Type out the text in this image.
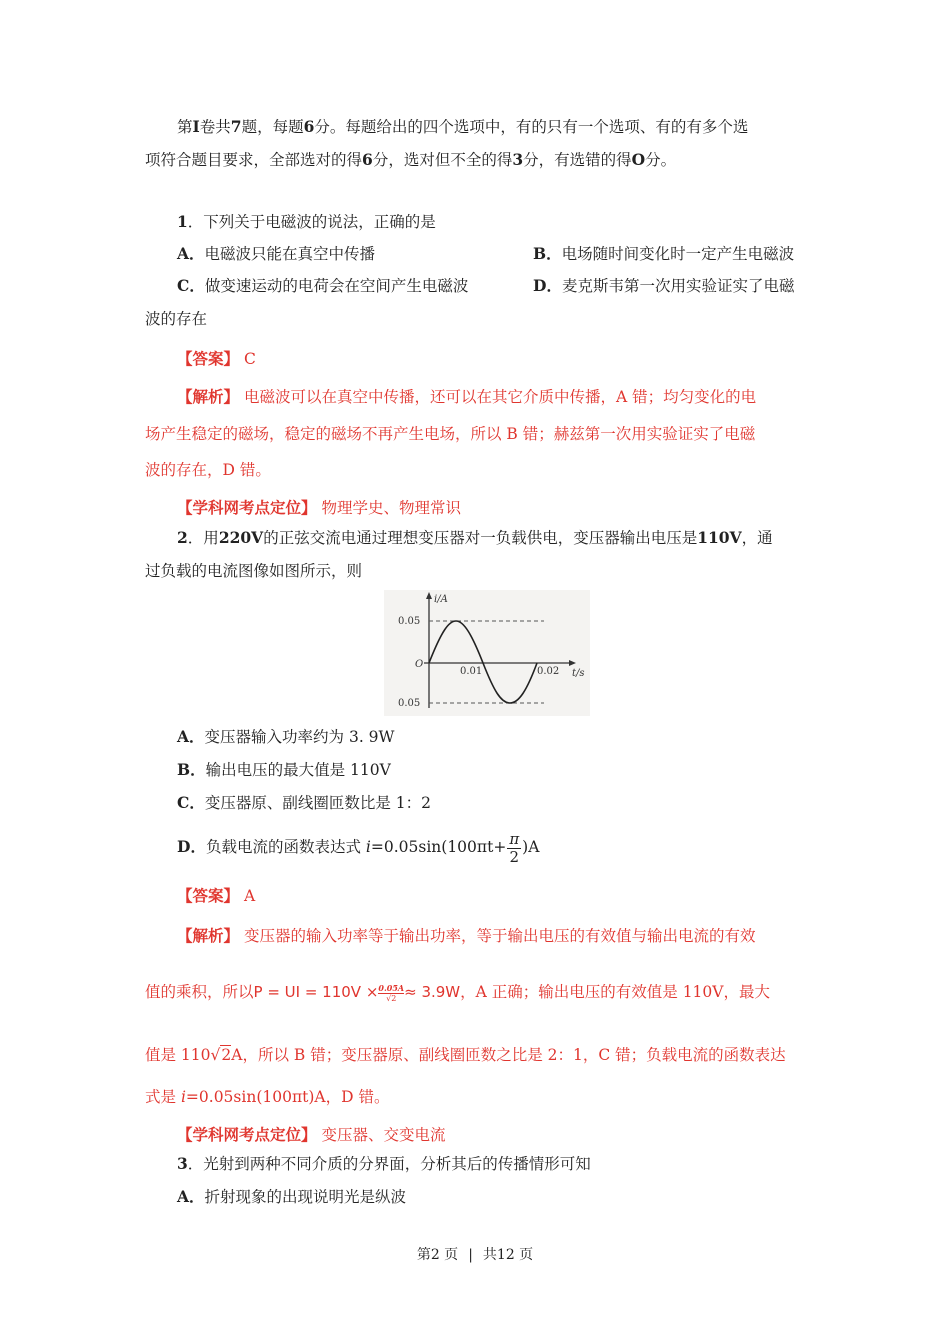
第I卷共7题，每题6分。每题给出的四个选项中，有的只有一个选项、有的有多个选
项符合题目要求，全部选对的得6分，选对但不全的得3分，有选错的得O分。
1．下列关于电磁波的说法，正确的是
A．电磁波只能在真空中传播	B．电场随时间变化时一定产生电磁波
C．做变速运动的电荷会在空间产生电磁波	D．麦克斯韦第一次用实验证实了电磁
波的存在
【答案】 C
【解析】 电磁波可以在真空中传播，还可以在其它介质中传播，A 错；均匀变化的电
场产生稳定的磁场，稳定的磁场不再产生电场，所以 B 错；赫兹第一次用实验证实了电磁
波的存在，D 错。
【学科网考点定位】 物理学史、物理常识
2．用220V的正弦交流电通过理想变压器对一负载供电，变压器输出电压是110V，通
过负载的电流图像如图所示，则
i/A
t/s
O
0.05
0.05
0.01	0.02
A．变压器输入功率约为 3. 9W
B．输出电压的最大值是 110V
C．变压器原、副线圈匝数比是 1：2
D．负载电流的函数表达式 $i=0.05\sin(100\pi t+ \frac{\pi}{2} )A$
【答案】 A
【解析】 变压器的输入功率等于输出功率，等于输出电压的有效值与输出电流的有效
值的乘积，所以P = UI = $110V \times \frac{0.05A}{√2} \approx 3.9W$，A 正确；输出电压的有效值是 110V，最大
值是 110√2A，所以 B 错；变压器原、副线圈匝数之比是 2：1，C 错；负载电流的函数表达
式是 i=0.05sin(100πt)A，D 错。
【学科网考点定位】 变压器、交变电流
3．光射到两种不同介质的分界面，分析其后的传播情形可知
A．折射现象的出现说明光是纵波
第2 页 | 共12 页
